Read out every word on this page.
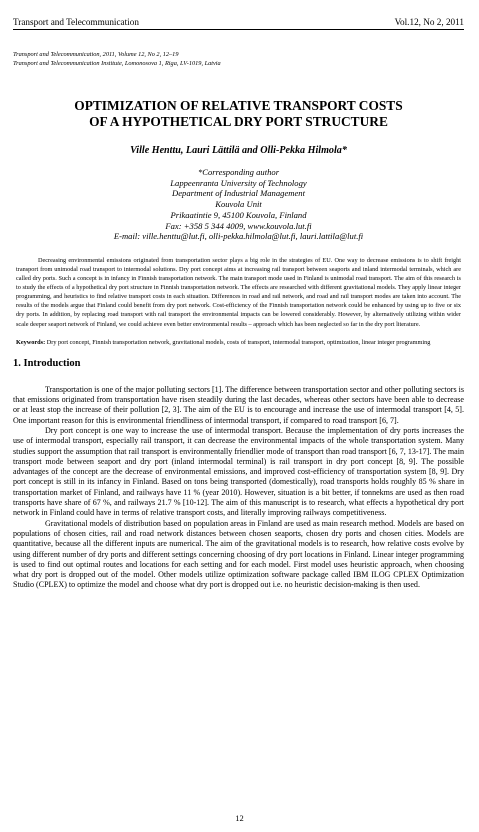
Transport and Telecommunication	Vol.12, No 2, 2011
Transport and Telecommunication, 2011, Volume 12, No 2, 12–19
Transport and Telecommunication Institute, Lomonosova 1, Riga, LV-1019, Latvia
OPTIMIZATION OF RELATIVE TRANSPORT COSTS
OF A HYPOTHETICAL DRY PORT STRUCTURE
Ville Henttu, Lauri Lättilä and Olli-Pekka Hilmola*
*Corresponding author
Lappeenranta University of Technology
Department of Industrial Management
Kouvola Unit
Prikaatintie 9, 45100 Kouvola, Finland
Fax: +358 5 344 4009, www.kouvola.lut.fi
E-mail: ville.henttu@lut.fi, olli-pekka.hilmola@lut.fi, lauri.lattila@lut.fi
Decreasing environmental emissions originated from transportation sector plays a big role in the strategies of EU. One way to decrease emissions is to shift freight transport from unimodal road transport to intermodal solutions. Dry port concept aims at increasing rail transport between seaports and inland intermodal terminals, which are called dry ports. Such a concept is in infancy in Finnish transportation network. The main transport mode used in Finland is unimodal road transport. The aim of this research is to study the effects of a hypothetical dry port structure in Finnish transportation network. The effects are researched with different gravitational models. They apply linear integer programming, and heuristics to find relative transport costs in each situation. Differences in road and rail network, and road and rail transport modes are taken into account. The results of the models argue that Finland could benefit from dry port network. Cost-efficiency of the Finnish transportation network could be enhanced by using up to five or six dry ports. In addition, by replacing road transport with rail transport the environmental impacts can be lowered considerably. However, by alternatively utilizing within wider scale deeper seaport network of Finland, we could achieve even better environmental results – approach which has been neglected so far in the dry port literature.
Keywords: Dry port concept, Finnish transportation network, gravitational models, costs of transport, intermodal transport, optimization, linear integer programming
1. Introduction

Transportation is one of the major polluting sectors [1]. The difference between transportation sector and other polluting sectors is that emissions originated from transportation have risen steadily during the last decades, whereas other sectors have been able to decrease or at least stop the increase of their pollution [2, 3]. The aim of the EU is to encourage and increase the use of intermodal transport [4, 5]. One important reason for this is environmental friendliness of intermodal transport, if compared to road transport [6, 7].

Dry port concept is one way to increase the use of intermodal transport. Because the implementation of dry ports increases the use of intermodal transport, especially rail transport, it can decrease the environmental impacts of the whole transportation system. Many studies support the assumption that rail transport is environmentally friendlier mode of transport than road transport [6, 7, 13-17]. The main transport mode between seaport and dry port (inland intermodal terminal) is rail transport in dry port concept [8, 9]. The possible advantages of the concept are the decrease of environmental emissions, and improved cost-efficiency of transportation system [8, 9]. Dry port concept is still in its infancy in Finland. Based on tons being transported (domestically), road transports holds roughly 85 % share in transportation market of Finland, and railways have 11 % (year 2010). However, situation is a bit better, if tonnekms are used as then road transports have share of 67 %, and railways 21.7 % [10-12]. The aim of this manuscript is to research, what effects a hypothetical dry port network in Finland could have in terms of relative transport costs, and literally improving railways competitiveness.

Gravitational models of distribution based on population areas in Finland are used as main research method. Models are based on populations of chosen cities, rail and road network distances between chosen seaports, chosen dry ports and chosen cities. Models are quantitative, because all the different inputs are numerical. The aim of the gravitational models is to research, how relative costs evolve by using different number of dry ports and different settings concerning choosing of dry port locations in Finland. Linear integer programming is used to find out optimal routes and locations for each setting and for each model. First model uses heuristic approach, when choosing what dry port is dropped out of the model. Other models utilize optimization software package called IBM ILOG CPLEX Optimization Studio (CPLEX) to optimize the model and choose what dry port is dropped out i.e. no heuristic decision-making is then used.

12
